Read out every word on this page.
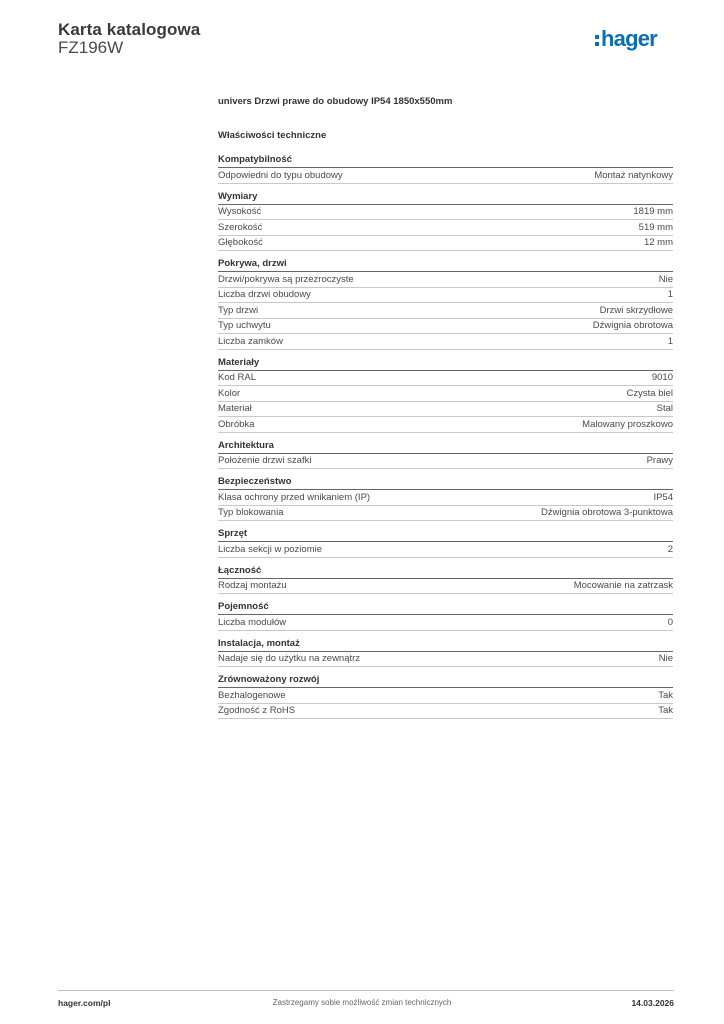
Karta katalogowa
FZ196W	hager
univers Drzwi prawe do obudowy IP54 1850x550mm
Właściwości techniczne
Kompatybilność
Odpowiedni do typu obudowy	Montaż natynkowy
Wymiary
Wysokość	1819 mm
Szerokość	519 mm
Głębokość	12 mm
Pokrywa, drzwi
Drzwi/pokrywa są przezroczyste	Nie
Liczba drzwi obudowy	1
Typ drzwi	Drzwi skrzydłowe
Typ uchwytu	Dźwignia obrotowa
Liczba zamków	1
Materiały
Kod RAL	9010
Kolor	Czysta biel
Materiał	Stal
Obróbka	Malowany proszkowo
Architektura
Położenie drzwi szafki	Prawy
Bezpieczeństwo
Klasa ochrony przed wnikaniem (IP)	IP54
Typ blokowania	Dźwignia obrotowa 3-punktowa
Sprzęt
Liczba sekcji w poziomie	2
Łączność
Rodzaj montażu	Mocowanie na zatrzask
Pojemność
Liczba modułów	0
Instalacja, montaż
Nadaje się do użytku na zewnątrz	Nie
Zrównoważony rozwój
Bezhalogenowe	Tak
Zgodność z RoHS	Tak
hager.com/pl	Zastrzegamy sobie możliwość zmian technicznych	14.03.2026
